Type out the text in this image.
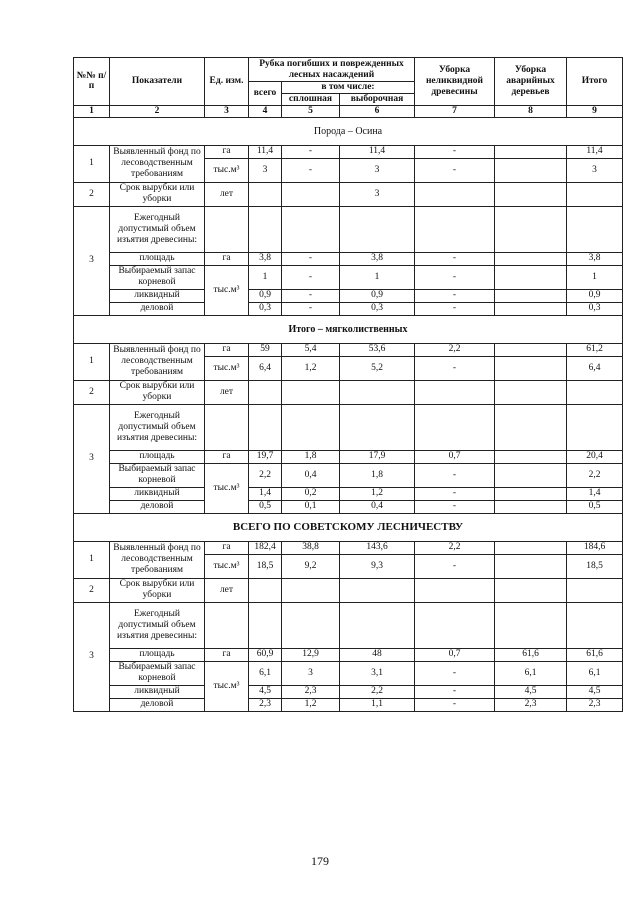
№№ п/п	Показатели	Ед. изм.	Рубка погибших и поврежденных лесных насаждений			Уборка неликвидной древесины	Уборка аварийных деревьев	Итого
			всего	в том числе:				
				сплошная	выборочная			
1	2	3	4	5	6	7	8	9
Порода – Осина								
1	Выявленный фонд по лесоводственным требованиям	га	11,4	-	11,4	-		11,4
		тыс.м³	3	-	3	-		3
2	Срок вырубки или уборки	лет			3			
3	Ежегодный допустимый объем изъятия древесины:							
	площадь	га	3,8	-	3,8	-		3,8
	Выбираемый запас корневой	тыс.м³	1	-	1	-		1
	ликвидный		0,9	-	0,9	-		0,9
	деловой		0,3	-	0,3	-		0,3
Итого – мягколиственных								
1	Выявленный фонд по лесоводственным требованиям	га	59	5,4	53,6	2,2		61,2
		тыс.м³	6,4	1,2	5,2	-		6,4
2	Срок вырубки или уборки	лет						
3	Ежегодный допустимый объем изъятия древесины:							
	площадь	га	19,7	1,8	17,9	0,7		20,4
	Выбираемый запас корневой	тыс.м³	2,2	0,4	1,8	-		2,2
	ликвидный		1,4	0,2	1,2	-		1,4
	деловой		0,5	0,1	0,4	-		0,5
ВСЕГО ПО СОВЕТСКОМУ ЛЕСНИЧЕСТВУ								
1	Выявленный фонд по лесоводственным требованиям	га	182,4	38,8	143,6	2,2		184,6
		тыс.м³	18,5	9,2	9,3	-		18,5
2	Срок вырубки или уборки	лет						
3	Ежегодный допустимый объем изъятия древесины:							
	площадь	га	60,9	12,9	48	0,7	61,6	61,6
	Выбираемый запас корневой	тыс.м³	6,1	3	3,1	-	6,1	6,1
	ликвидный		4,5	2,3	2,2	-	4,5	4,5
	деловой		2,3	1,2	1,1	-	2,3	2,3
179
